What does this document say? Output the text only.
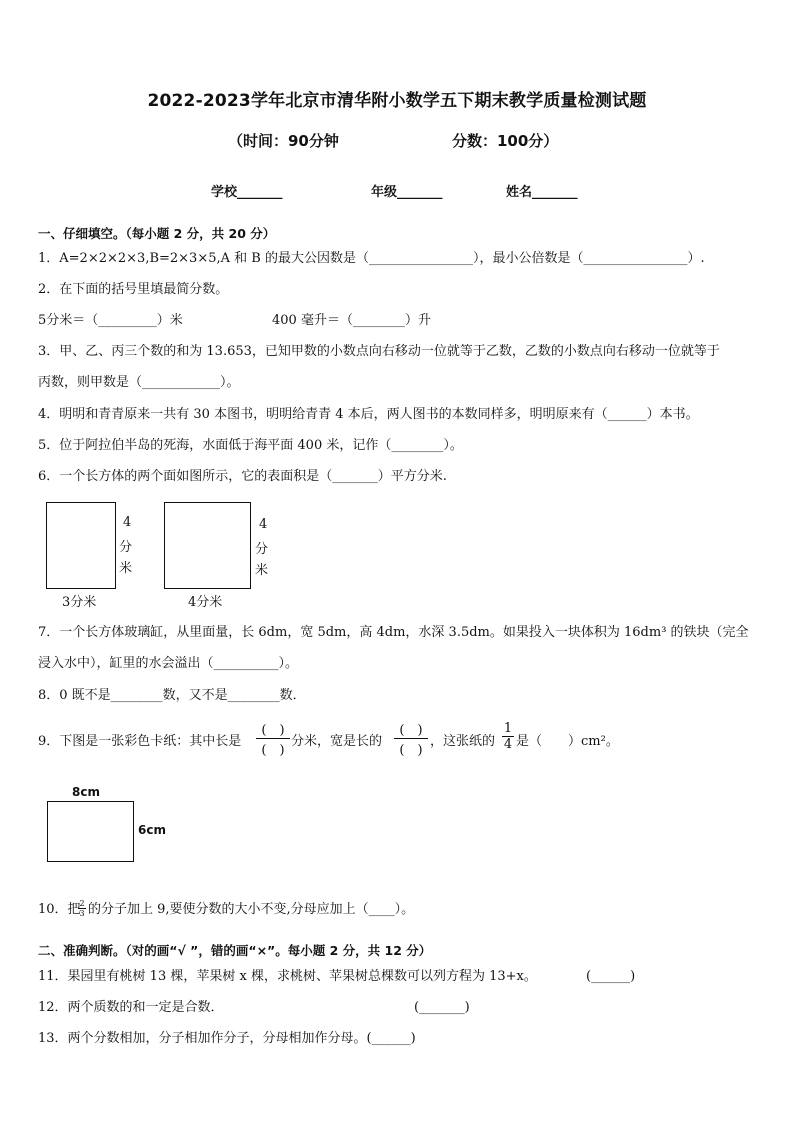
2022-2023学年北京市清华附小数学五下期末教学质量检测试题
（时间：90分钟	分数：100分）
学校_______	年级_______	姓名_______
一、仔细填空。（每小题 2 分，共 20 分）
1．A=2×2×2×3,B=2×3×5,A 和 B 的最大公因数是（________________），最小公倍数是（________________）.
2．在下面的括号里填最简分数。
5分米＝（_________）米	400 毫升＝（________）升
3．甲、乙、丙三个数的和为 13.653，已知甲数的小数点向右移动一位就等于乙数，乙数的小数点向右移动一位就等于
丙数，则甲数是（____________）。
4．明明和青青原来一共有 30 本图书，明明给青青 4 本后，两人图书的本数同样多，明明原来有（______）本书。
5．位于阿拉伯半岛的死海，水面低于海平面 400 米，记作（________）。
6．一个长方体的两个面如图所示，它的表面积是（_______）平方分米.
4
分
米
3分米
4
分
米
4分米
7．一个长方体玻璃缸，从里面量，长 6dm，宽 5dm，高 4dm，水深 3.5dm。如果投入一块体积为 16dm³ 的铁块（完全
浸入水中），缸里的水会溢出（__________）。
8．0 既不是________数，又不是________数．
9．下图是一张彩色卡纸：其中长是
(　)
(　)
分米，宽是长的
(　)
(　)
，这张纸的
1
4 是（　　）cm²。
8cm
6cm
10．把
2
3 的分子加上 9,要使分数的大小不变,分母应加上（____）。
二、准确判断。（对的画“√ ”，错的画“×”。每小题 2 分，共 12 分）
11．果园里有桃树 13 棵，苹果树 x 棵，求桃树、苹果树总棵数可以列方程为 13+x。	(______)
12．两个质数的和一定是合数．	(_______)
13．两个分数相加，分子相加作分子，分母相加作分母。(______)
